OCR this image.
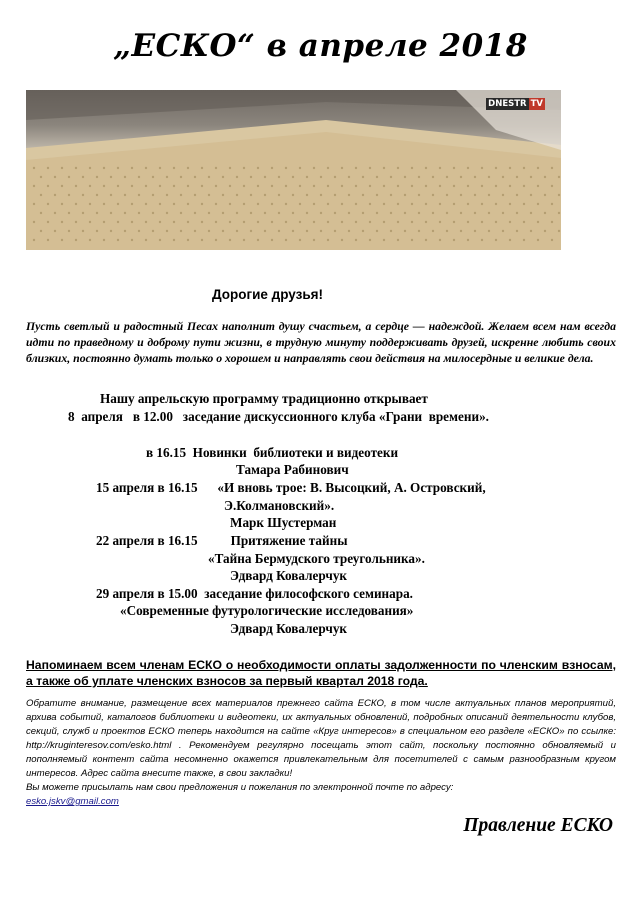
„ЕСКО“ в апреле 2018
DNESTR TV
Дорогие друзья!
Пусть светлый и радостный Песах наполнит душу счастьем, а сердце — надеждой. Желаем всем нам всегда идти по праведному и доброму пути жизни, в трудную минуту поддерживать друзей, искренне любить своих близких, постоянно думать только о хорошем и направлять свои действия на милосердные и великие дела.
Нашу апрельскую программу традиционно открывает
8  апреля   в 12.00   заседание дискуссионного клуба «Грани  времени».
в 16.15  Новинки  библиотеки и видеотеки
Тамара Рабинович
15 апреля в 16.15      «И вновь трое: В. Высоцкий, А. Островский,
Э.Колмановский».
Марк Шустерман
22 апреля в 16.15          Притяжение тайны
«Тайна Бермудского треугольника».
Эдвард Ковалерчук
29 апреля в 15.00  заседание философского семинара.
«Современные футурологические исследования»
Эдвард Ковалерчук
Напоминаем всем членам ЕСКО о необходимости оплаты задолженности по членским взносам, а также об уплате членских взносов за первый квартал 2018 года.
Обратите внимание, размещение всех материалов прежнего сайта ЕСКО, в том числе актуальных планов мероприятий, архива событий, каталогов библиотеки и видеотеки, их актуальных обновлений, подробных описаний деятельности клубов, секций, служб и проектов ЕСКО теперь находится на сайте «Круг интересов» в специальном его разделе «ЕСКО» по ссылке: http://kruginteresov.com/esko.html . Рекомендуем регулярно посещать этот сайт, поскольку постоянно обновляемый и пополняемый контент сайта несомненно окажется привлекательным для посетителей с самым разнообразным кругом интересов. Адрес сайта внесите также, в свои закладки!
Вы можете присылать нам свои предложения и пожелания по электронной почте по адресу:
esko.jskv@gmail.com
Правление ЕСКО
